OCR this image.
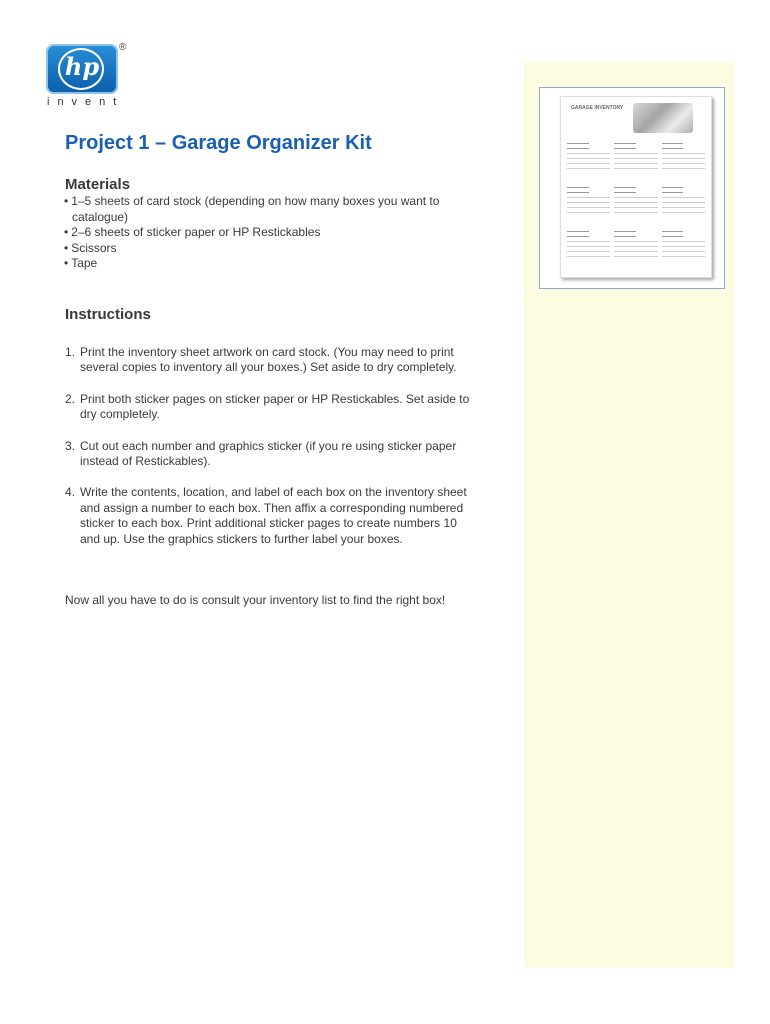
hp
®
invent
Project 1 – Garage Organizer Kit
Materials
• 1–5 sheets of card stock (depending on how many boxes you want to catalogue)
• 2–6 sheets of sticker paper or HP Restickables
• Scissors
• Tape
Instructions
1. Print the inventory sheet artwork on card stock. (You may need to print several copies to inventory all your boxes.) Set aside to dry completely.
2. Print both sticker pages on sticker paper or HP Restickables. Set aside to dry completely.
3. Cut out each number and graphics sticker (if you re using sticker paper instead of Restickables).
4. Write the contents, location, and label of each box on the inventory sheet and assign a number to each box. Then affix a corresponding numbered sticker to each box. Print additional sticker pages to create numbers 10 and up. Use the graphics stickers to further label your boxes.
Now all you have to do is consult your inventory list to find the right box!
GARAGE INVENTORY
